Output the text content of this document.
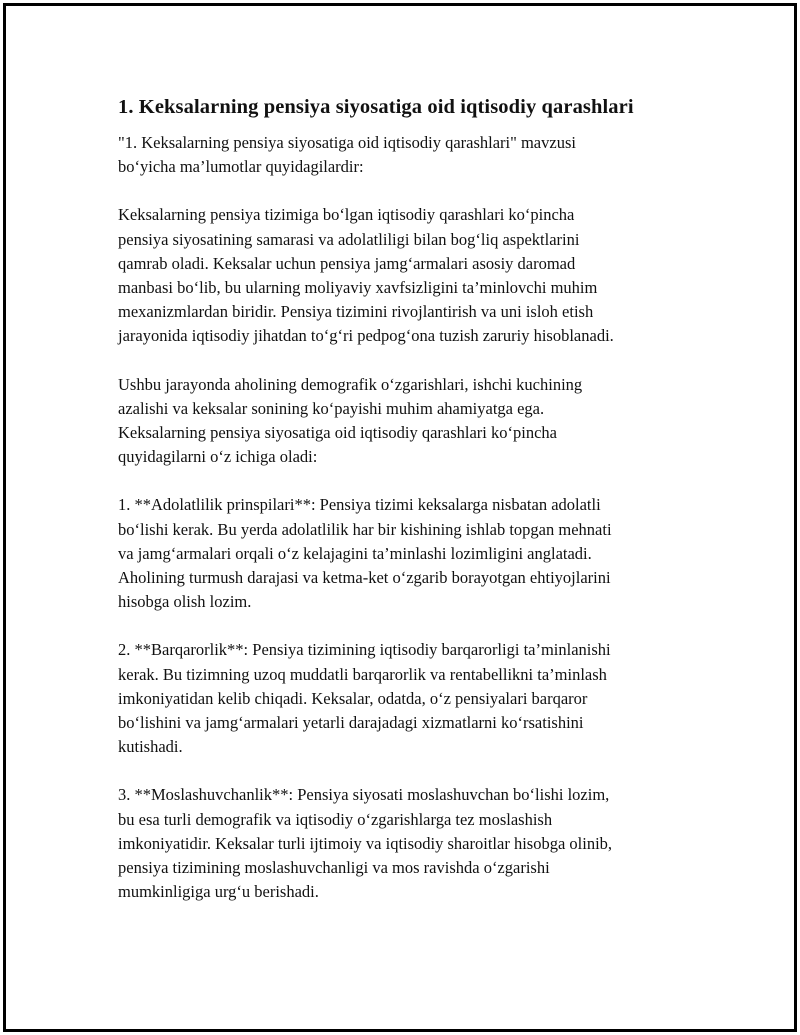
1. Keksalarning pensiya siyosatiga oid iqtisodiy qarashlari

"1. Keksalarning pensiya siyosatiga oid iqtisodiy qarashlari" mavzusi
bo‘yicha ma’lumotlar quyidagilardir:

Keksalarning pensiya tizimiga bo‘lgan iqtisodiy qarashlari ko‘pincha
pensiya siyosatining samarasi va adolatliligi bilan bog‘liq aspektlarini
qamrab oladi. Keksalar uchun pensiya jamg‘armalari asosiy daromad
manbasi bo‘lib, bu ularning moliyaviy xavfsizligini ta’minlovchi muhim
mexanizmlardan biridir. Pensiya tizimini rivojlantirish va uni isloh etish
jarayonida iqtisodiy jihatdan to‘g‘ri pedpog‘ona tuzish zaruriy hisoblanadi.

Ushbu jarayonda aholining demografik o‘zgarishlari, ishchi kuchining
azalishi va keksalar sonining ko‘payishi muhim ahamiyatga ega.
Keksalarning pensiya siyosatiga oid iqtisodiy qarashlari ko‘pincha
quyidagilarni o‘z ichiga oladi:

1. **Adolatlilik prinspilari**: Pensiya tizimi keksalarga nisbatan adolatli
bo‘lishi kerak. Bu yerda adolatlilik har bir kishining ishlab topgan mehnati
va jamg‘armalari orqali o‘z kelajagini ta’minlashi lozimligini anglatadi.
Aholining turmush darajasi va ketma-ket o‘zgarib borayotgan ehtiyojlarini
hisobga olish lozim.

2. **Barqarorlik**: Pensiya tizimining iqtisodiy barqarorligi ta’minlanishi
kerak. Bu tizimning uzoq muddatli barqarorlik va rentabellikni ta’minlash
imkoniyatidan kelib chiqadi. Keksalar, odatda, o‘z pensiyalari barqaror
bo‘lishini va jamg‘armalari yetarli darajadagi xizmatlarni ko‘rsatishini
kutishadi.

3. **Moslashuvchanlik**: Pensiya siyosati moslashuvchan bo‘lishi lozim,
bu esa turli demografik va iqtisodiy o‘zgarishlarga tez moslashish
imkoniyatidir. Keksalar turli ijtimoiy va iqtisodiy sharoitlar hisobga olinib,
pensiya tizimining moslashuvchanligi va mos ravishda o‘zgarishi
mumkinligiga urg‘u berishadi.
